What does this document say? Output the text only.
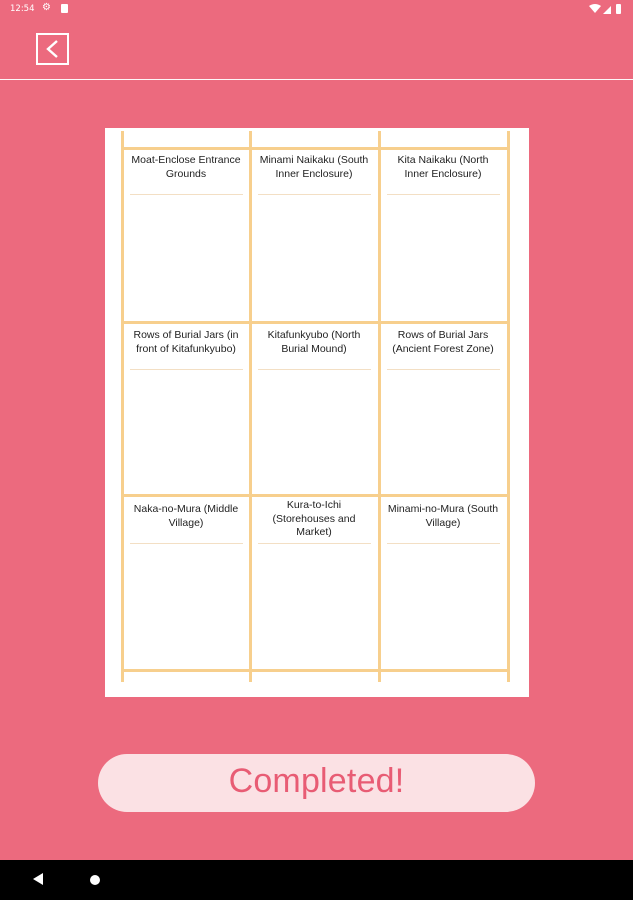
12:54 ⚙
Moat-Enclose Entrance
Grounds
Minami Naikaku (South
Inner Enclosure)
Kita Naikaku (North
Inner Enclosure)
Rows of Burial Jars (in
front of Kitafunkyubo)
Kitafunkyubo (North
Burial Mound)
Rows of Burial Jars
(Ancient Forest Zone)
Naka-no-Mura (Middle
Village)
Kura-to-Ichi
(Storehouses and
Market)
Minami-no-Mura (South
Village)
Completed!
